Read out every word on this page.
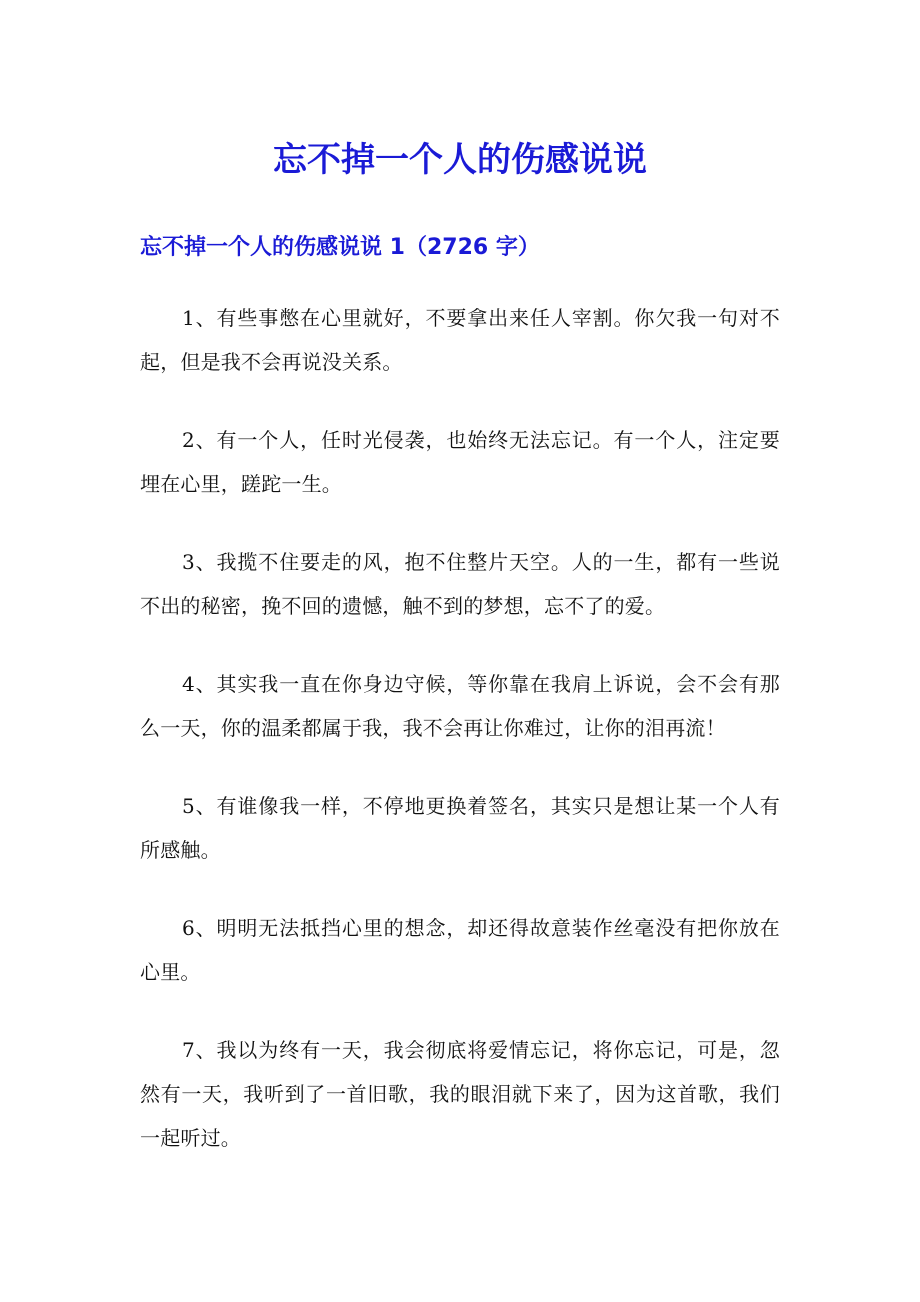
忘不掉一个人的伤感说说
忘不掉一个人的伤感说说 1（2726 字）
1、有些事憋在心里就好，不要拿出来任人宰割。你欠我一句对不起，但是我不会再说没关系。
2、有一个人，任时光侵袭，也始终无法忘记。有一个人，注定要埋在心里，蹉跎一生。
3、我揽不住要走的风，抱不住整片天空。人的一生，都有一些说不出的秘密，挽不回的遗憾，触不到的梦想，忘不了的爱。
4、其实我一直在你身边守候，等你靠在我肩上诉说，会不会有那么一天，你的温柔都属于我，我不会再让你难过，让你的泪再流！
5、有谁像我一样，不停地更换着签名，其实只是想让某一个人有所感触。
6、明明无法抵挡心里的想念，却还得故意装作丝毫没有把你放在心里。
7、我以为终有一天，我会彻底将爱情忘记，将你忘记，可是，忽然有一天，我听到了一首旧歌，我的眼泪就下来了，因为这首歌，我们一起听过。
